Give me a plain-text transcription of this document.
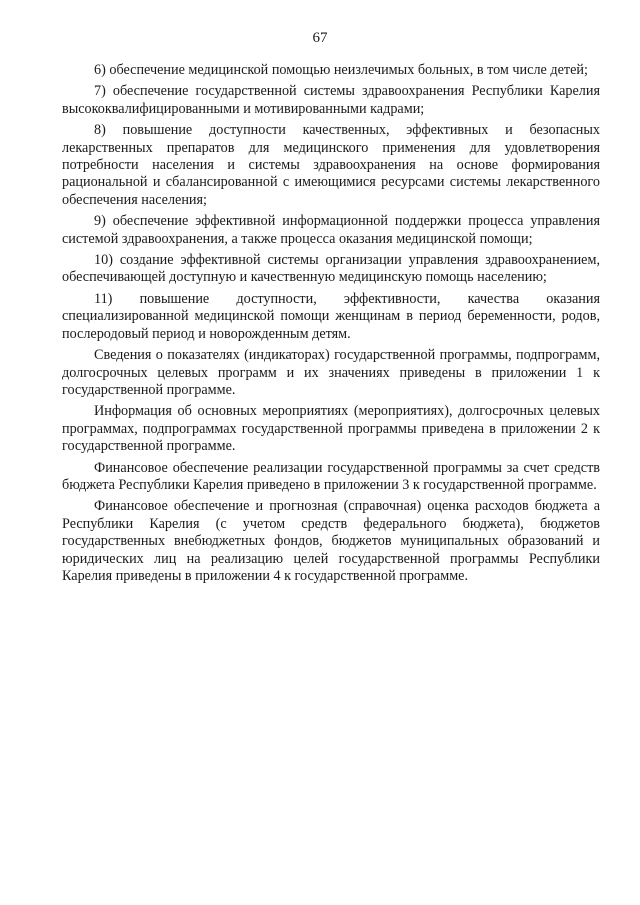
67

6) обеспечение медицинской помощью неизлечимых больных, в том числе детей;

7) обеспечение государственной системы здравоохранения Республики Карелия высококвалифицированными и мотивированными кадрами;

8) повышение доступности качественных, эффективных и безопасных лекарственных препаратов для медицинского применения для удовлетворения потребности населения и системы здравоохранения на основе формирования рациональной и сбалансированной с имеющимися ресурсами системы лекарственного обеспечения населения;

9) обеспечение эффективной информационной поддержки процесса управления системой здравоохранения, а также процесса оказания медицинской помощи;

10) создание эффективной системы организации управления здравоохранением, обеспечивающей доступную и качественную медицинскую помощь населению;

11) повышение доступности, эффективности, качества оказания специализированной медицинской помощи женщинам в период беременности, родов, послеродовый период и новорожденным детям.

Сведения о показателях (индикаторах) государственной программы, подпрограмм, долгосрочных целевых программ и их значениях приведены в приложении 1 к государственной программе.

Информация об основных мероприятиях (мероприятиях), долгосрочных целевых программах, подпрограммах государственной программы приведена в приложении 2 к государственной программе.

Финансовое обеспечение реализации государственной программы за счет средств бюджета Республики Карелия приведено в приложении 3 к государственной программе.

Финансовое обеспечение и прогнозная (справочная) оценка расходов бюджета а Республики Карелия (с учетом средств федерального бюджета), бюджетов государственных внебюджетных фондов, бюджетов муниципальных образований и юридических лиц на реализацию целей государственной программы Республики Карелия приведены в приложении 4 к государственной программе.
